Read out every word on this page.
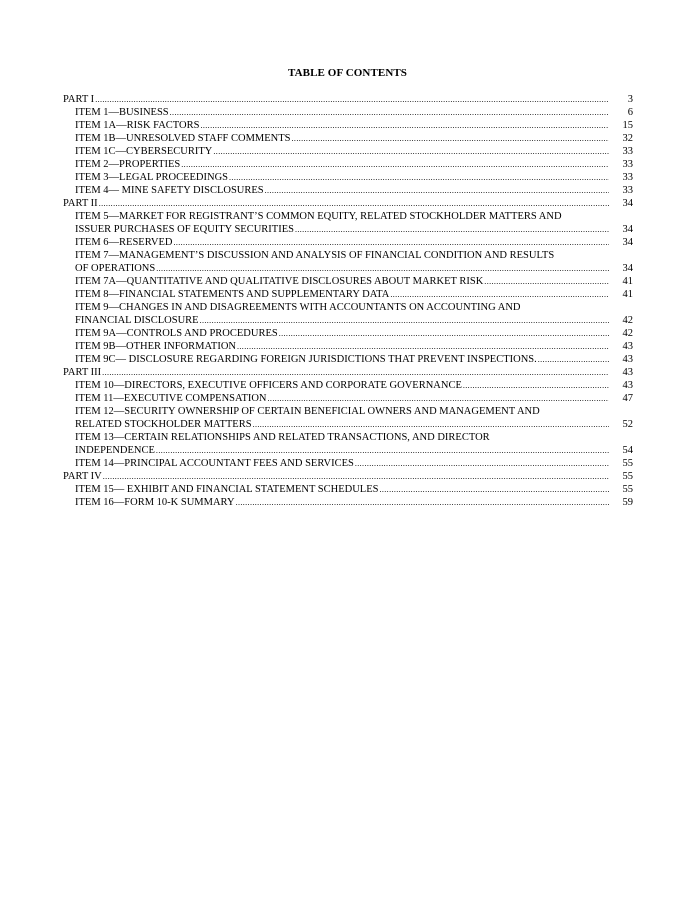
TABLE OF CONTENTS
PART I .....	3
ITEM 1—BUSINESS .....	6
ITEM 1A—RISK FACTORS .....	15
ITEM 1B—UNRESOLVED STAFF COMMENTS .....	32
ITEM 1C—CYBERSECURITY .....	33
ITEM 2—PROPERTIES .....	33
ITEM 3—LEGAL PROCEEDINGS .....	33
ITEM 4— MINE SAFETY DISCLOSURES .....	33
PART II .....	34
ITEM 5—MARKET FOR REGISTRANT’S COMMON EQUITY, RELATED STOCKHOLDER MATTERS AND
ISSUER PURCHASES OF EQUITY SECURITIES .....	34
ITEM 6—RESERVED .....	34
ITEM 7—MANAGEMENT’S DISCUSSION AND ANALYSIS OF FINANCIAL CONDITION AND RESULTS
OF OPERATIONS .....	34
ITEM 7A—QUANTITATIVE AND QUALITATIVE DISCLOSURES ABOUT MARKET RISK .....	41
ITEM 8—FINANCIAL STATEMENTS AND SUPPLEMENTARY DATA .....	41
ITEM 9—CHANGES IN AND DISAGREEMENTS WITH ACCOUNTANTS ON ACCOUNTING AND
FINANCIAL DISCLOSURE .....	42
ITEM 9A—CONTROLS AND PROCEDURES .....	42
ITEM 9B—OTHER INFORMATION .....	43
ITEM 9C— DISCLOSURE REGARDING FOREIGN JURISDICTIONS THAT PREVENT INSPECTIONS. .....	43
PART III .....	43
ITEM 10—DIRECTORS, EXECUTIVE OFFICERS AND CORPORATE GOVERNANCE .....	43
ITEM 11—EXECUTIVE COMPENSATION .....	47
ITEM 12—SECURITY OWNERSHIP OF CERTAIN BENEFICIAL OWNERS AND MANAGEMENT AND
RELATED STOCKHOLDER MATTERS .....	52
ITEM 13—CERTAIN RELATIONSHIPS AND RELATED TRANSACTIONS, AND DIRECTOR
INDEPENDENCE .....	54
ITEM 14—PRINCIPAL ACCOUNTANT FEES AND SERVICES .....	55
PART IV .....	55
ITEM 15— EXHIBIT AND FINANCIAL STATEMENT SCHEDULES .....	55
ITEM 16—FORM 10-K SUMMARY .....	59
